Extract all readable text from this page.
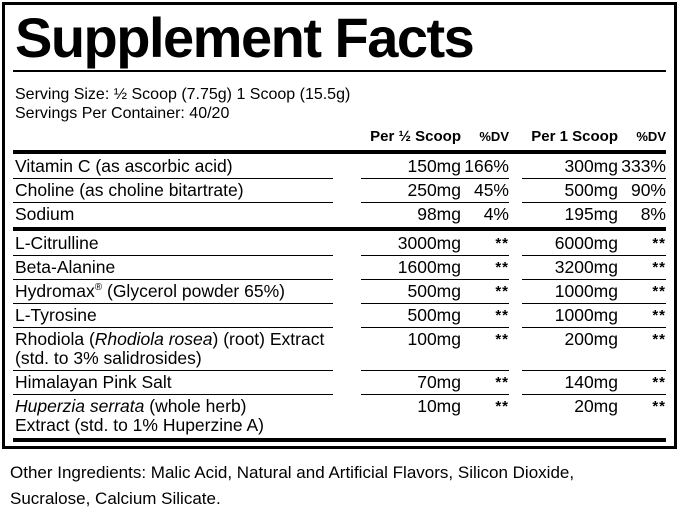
Supplement Facts
Serving Size: ½ Scoop (7.75g) 1 Scoop (15.5g)
Servings Per Container: 40/20
Per ½ Scoop	%DV	Per 1 Scoop	%DV
Vitamin C (as ascorbic acid)	150mg 166%	300mg 333%
Choline (as choline bitartrate)	250mg 45%	500mg 90%
Sodium	98mg	4%	195mg	8%
L-Citrulline	3000mg	**	6000mg	**
Beta-Alanine	1600mg	**	3200mg	**
Hydromax® (Glycerol powder 65%)	500mg	**	1000mg	**
L-Tyrosine	500mg	**	1000mg	**
Rhodiola (Rhodiola rosea) (root) Extract
(std. to 3% salidrosides)
100mg	**	200mg	**
Himalayan Pink Salt	70mg	**	140mg	**
Huperzia serrata (whole herb)
Extract (std. to 1% Huperzine A)
10mg	**	20mg	**
Other Ingredients: Malic Acid, Natural and Artificial Flavors, Silicon Dioxide, Sucralose, Calcium Silicate.
